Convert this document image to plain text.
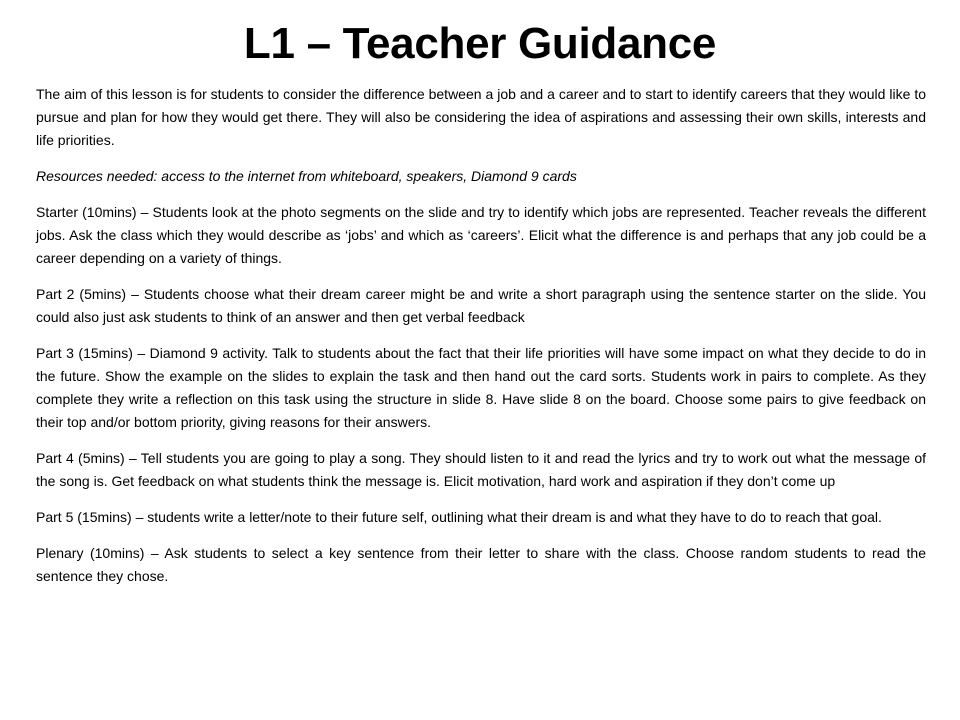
L1 – Teacher Guidance

The aim of this lesson is for students to consider the difference between a job and a career and to start to identify careers that they would like to pursue and plan for how they would get there. They will also be considering the idea of aspirations and assessing their own skills, interests and life priorities.

Resources needed: access to the internet from whiteboard, speakers, Diamond 9 cards

Starter (10mins) – Students look at the photo segments on the slide and try to identify which jobs are represented. Teacher reveals the different jobs. Ask the class which they would describe as ‘jobs’ and which as ‘careers’. Elicit what the difference is and perhaps that any job could be a career depending on a variety of things.

Part 2 (5mins) – Students choose what their dream career might be and write a short paragraph using the sentence starter on the slide. You could also just ask students to think of an answer and then get verbal feedback

Part 3 (15mins) – Diamond 9 activity. Talk to students about the fact that their life priorities will have some impact on what they decide to do in the future. Show the example on the slides to explain the task and then hand out the card sorts. Students work in pairs to complete. As they complete they write a reflection on this task using the structure in slide 8. Have slide 8 on the board. Choose some pairs to give feedback on their top and/or bottom priority, giving reasons for their answers.

Part 4 (5mins) – Tell students you are going to play a song. They should listen to it and read the lyrics and try to work out what the message of the song is. Get feedback on what students think the message is. Elicit motivation, hard work and aspiration if they don’t come up

Part 5 (15mins) – students write a letter/note to their future self, outlining what their dream is and what they have to do to reach that goal.

Plenary (10mins) – Ask students to select a key sentence from their letter to share with the class. Choose random students to read the sentence they chose.
